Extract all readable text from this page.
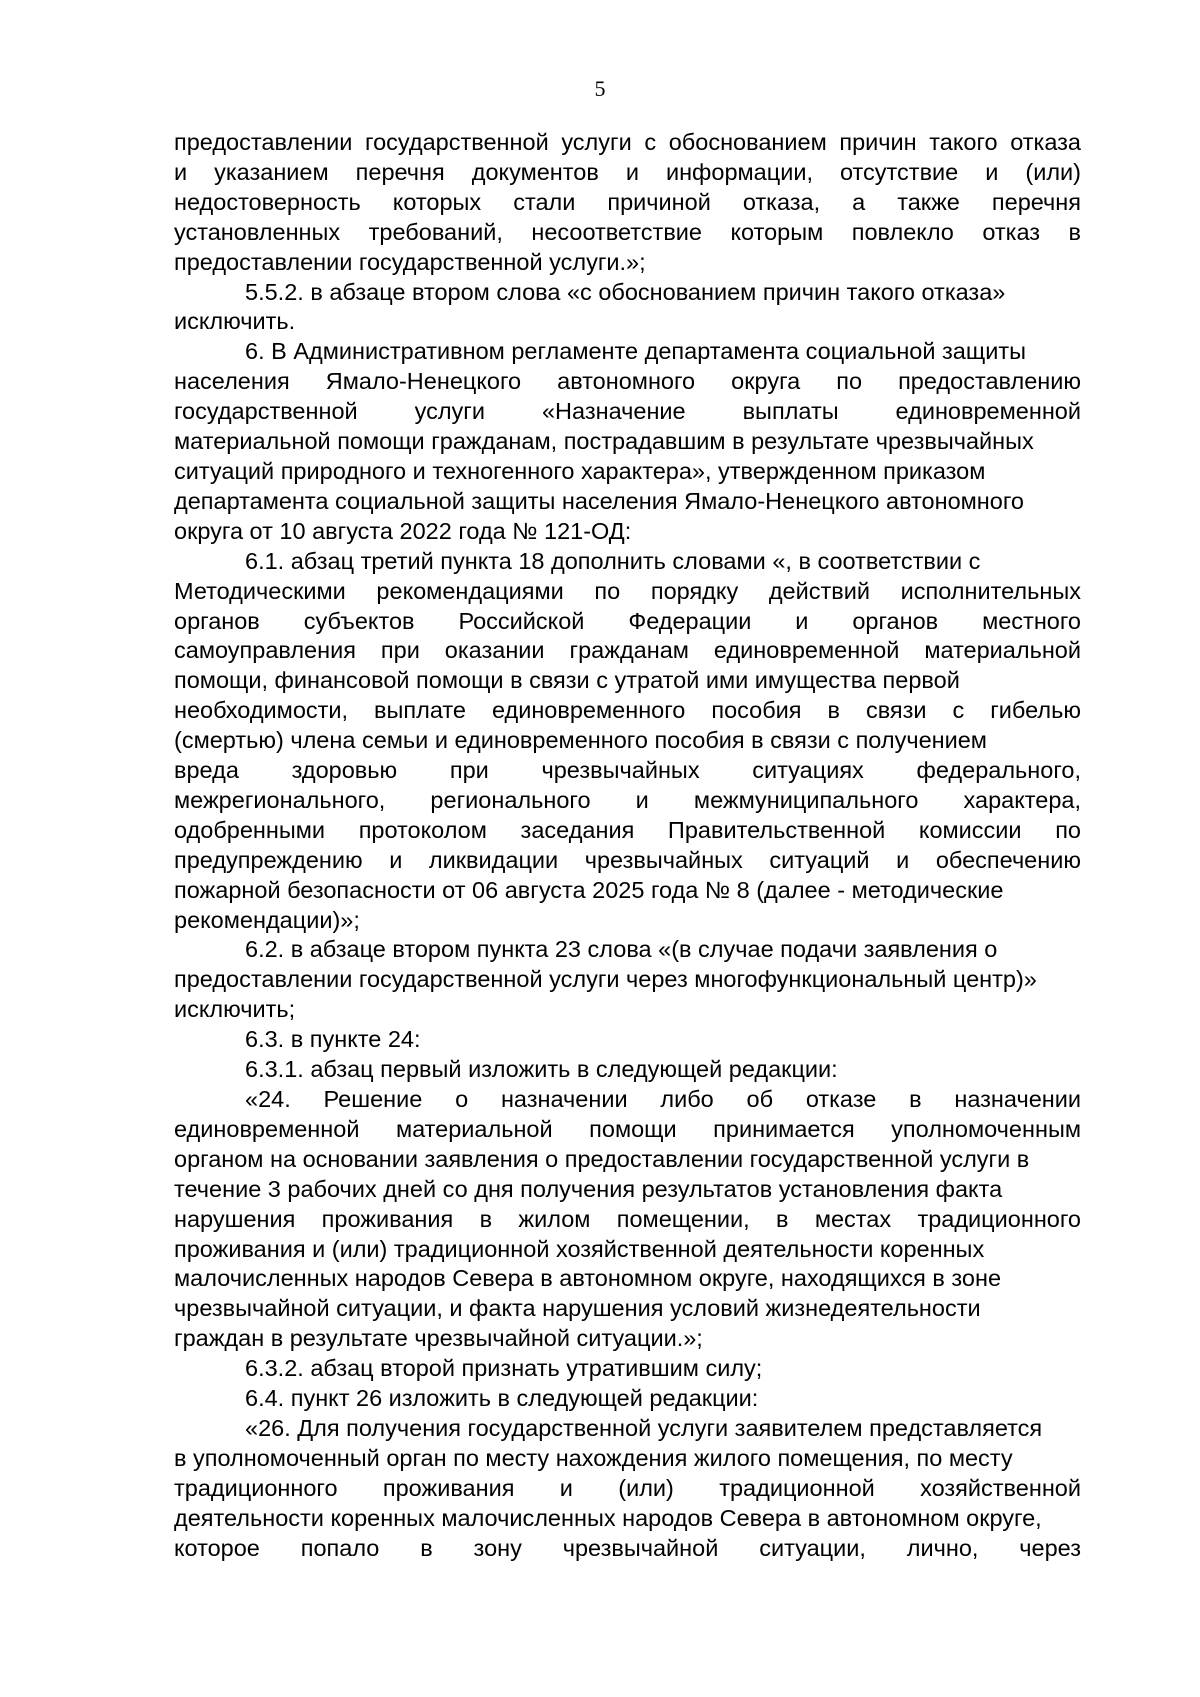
5
предоставлении государственной услуги с обоснованием причин такого отказа
и указанием перечня документов и информации, отсутствие и (или)
недостоверность которых стали причиной отказа, а также перечня
установленных требований, несоответствие которым повлекло отказ в
предоставлении государственной услуги.»;
5.5.2. в абзаце втором слова «с обоснованием причин такого отказа»
исключить.
6. В Административном регламенте департамента социальной защиты
населения Ямало-Ненецкого автономного округа по предоставлению
государственной услуги «Назначение выплаты единовременной
материальной помощи гражданам, пострадавшим в результате чрезвычайных
ситуаций природного и техногенного характера», утвержденном приказом
департамента социальной защиты населения Ямало-Ненецкого автономного
округа от 10 августа 2022 года № 121-ОД:
6.1. абзац третий пункта 18 дополнить словами «, в соответствии с
Методическими рекомендациями по порядку действий исполнительных
органов субъектов Российской Федерации и органов местного
самоуправления при оказании гражданам единовременной материальной
помощи, финансовой помощи в связи с утратой ими имущества первой
необходимости, выплате единовременного пособия в связи с гибелью
(смертью) члена семьи и единовременного пособия в связи с получением
вреда здоровью при чрезвычайных ситуациях федерального,
межрегионального, регионального и межмуниципального характера,
одобренными протоколом заседания Правительственной комиссии по
предупреждению и ликвидации чрезвычайных ситуаций и обеспечению
пожарной безопасности от 06 августа 2025 года № 8 (далее - методические
рекомендации)»;
6.2. в абзаце втором пункта 23 слова «(в случае подачи заявления о
предоставлении государственной услуги через многофункциональный центр)»
исключить;
6.3. в пункте 24:
6.3.1. абзац первый изложить в следующей редакции:
«24. Решение о назначении либо об отказе в назначении
единовременной материальной помощи принимается уполномоченным
органом на основании заявления о предоставлении государственной услуги в
течение 3 рабочих дней со дня получения результатов установления факта
нарушения проживания в жилом помещении, в местах традиционного
проживания и (или) традиционной хозяйственной деятельности коренных
малочисленных народов Севера в автономном округе, находящихся в зоне
чрезвычайной ситуации, и факта нарушения условий жизнедеятельности
граждан в результате чрезвычайной ситуации.»;
6.3.2. абзац второй признать утратившим силу;
6.4. пункт 26 изложить в следующей редакции:
«26. Для получения государственной услуги заявителем представляется
в уполномоченный орган по месту нахождения жилого помещения, по месту
традиционного проживания и (или) традиционной хозяйственной
деятельности коренных малочисленных народов Севера в автономном округе,
которое попало в зону чрезвычайной ситуации, лично, через
